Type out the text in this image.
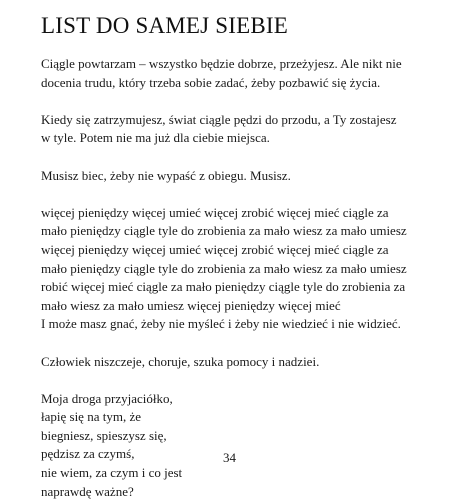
LIST DO SAMEJ SIEBIE

Ciągle powtarzam – wszystko będzie dobrze, przeżyjesz. Ale nikt nie
docenia trudu, który trzeba sobie zadać, żeby pozbawić się życia.

Kiedy się zatrzymujesz, świat ciągle pędzi do przodu, a Ty zostajesz
w tyle. Potem nie ma już dla ciebie miejsca.

Musisz biec, żeby nie wypaść z obiegu. Musisz.

więcej pieniędzy więcej umieć więcej zrobić więcej mieć ciągle za
mało pieniędzy ciągle tyle do zrobienia za mało wiesz za mało umiesz
więcej pieniędzy więcej umieć więcej zrobić więcej mieć ciągle za
mało pieniędzy ciągle tyle do zrobienia za mało wiesz za mało umiesz
robić więcej mieć ciągle za mało pieniędzy ciągle tyle do zrobienia za
mało wiesz za mało umiesz więcej pieniędzy więcej mieć
I może masz gnać, żeby nie myśleć i żeby nie wiedzieć i nie widzieć.

Człowiek niszczeje, choruje, szuka pomocy i nadziei.

Moja droga przyjaciółko,
łapię się na tym, że
biegniesz, spieszysz się,
pędzisz za czymś,
nie wiem, za czym i co jest
naprawdę ważne?

34
